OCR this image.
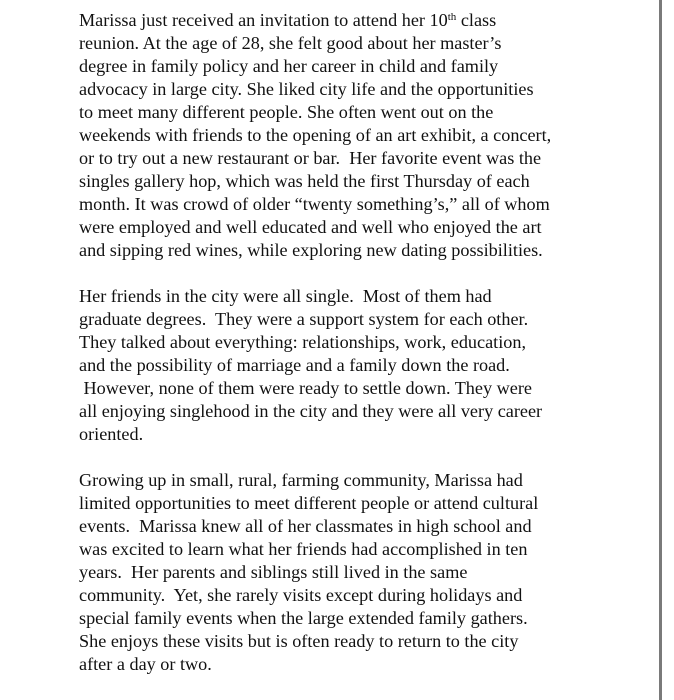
Marissa just received an invitation to attend her 10th class
reunion. At the age of 28, she felt good about her master’s
degree in family policy and her career in child and family
advocacy in large city. She liked city life and the opportunities
to meet many different people. She often went out on the
weekends with friends to the opening of an art exhibit, a concert,
or to try out a new restaurant or bar.  Her favorite event was the
singles gallery hop, which was held the first Thursday of each
month. It was crowd of older “twenty something’s,” all of whom
were employed and well educated and well who enjoyed the art
and sipping red wines, while exploring new dating possibilities.
Her friends in the city were all single.  Most of them had
graduate degrees.  They were a support system for each other.
They talked about everything: relationships, work, education,
and the possibility of marriage and a family down the road.
However, none of them were ready to settle down. They were
all enjoying singlehood in the city and they were all very career
oriented.
Growing up in small, rural, farming community, Marissa had
limited opportunities to meet different people or attend cultural
events.  Marissa knew all of her classmates in high school and
was excited to learn what her friends had accomplished in ten
years.  Her parents and siblings still lived in the same
community.  Yet, she rarely visits except during holidays and
special family events when the large extended family gathers.
She enjoys these visits but is often ready to return to the city
after a day or two.
